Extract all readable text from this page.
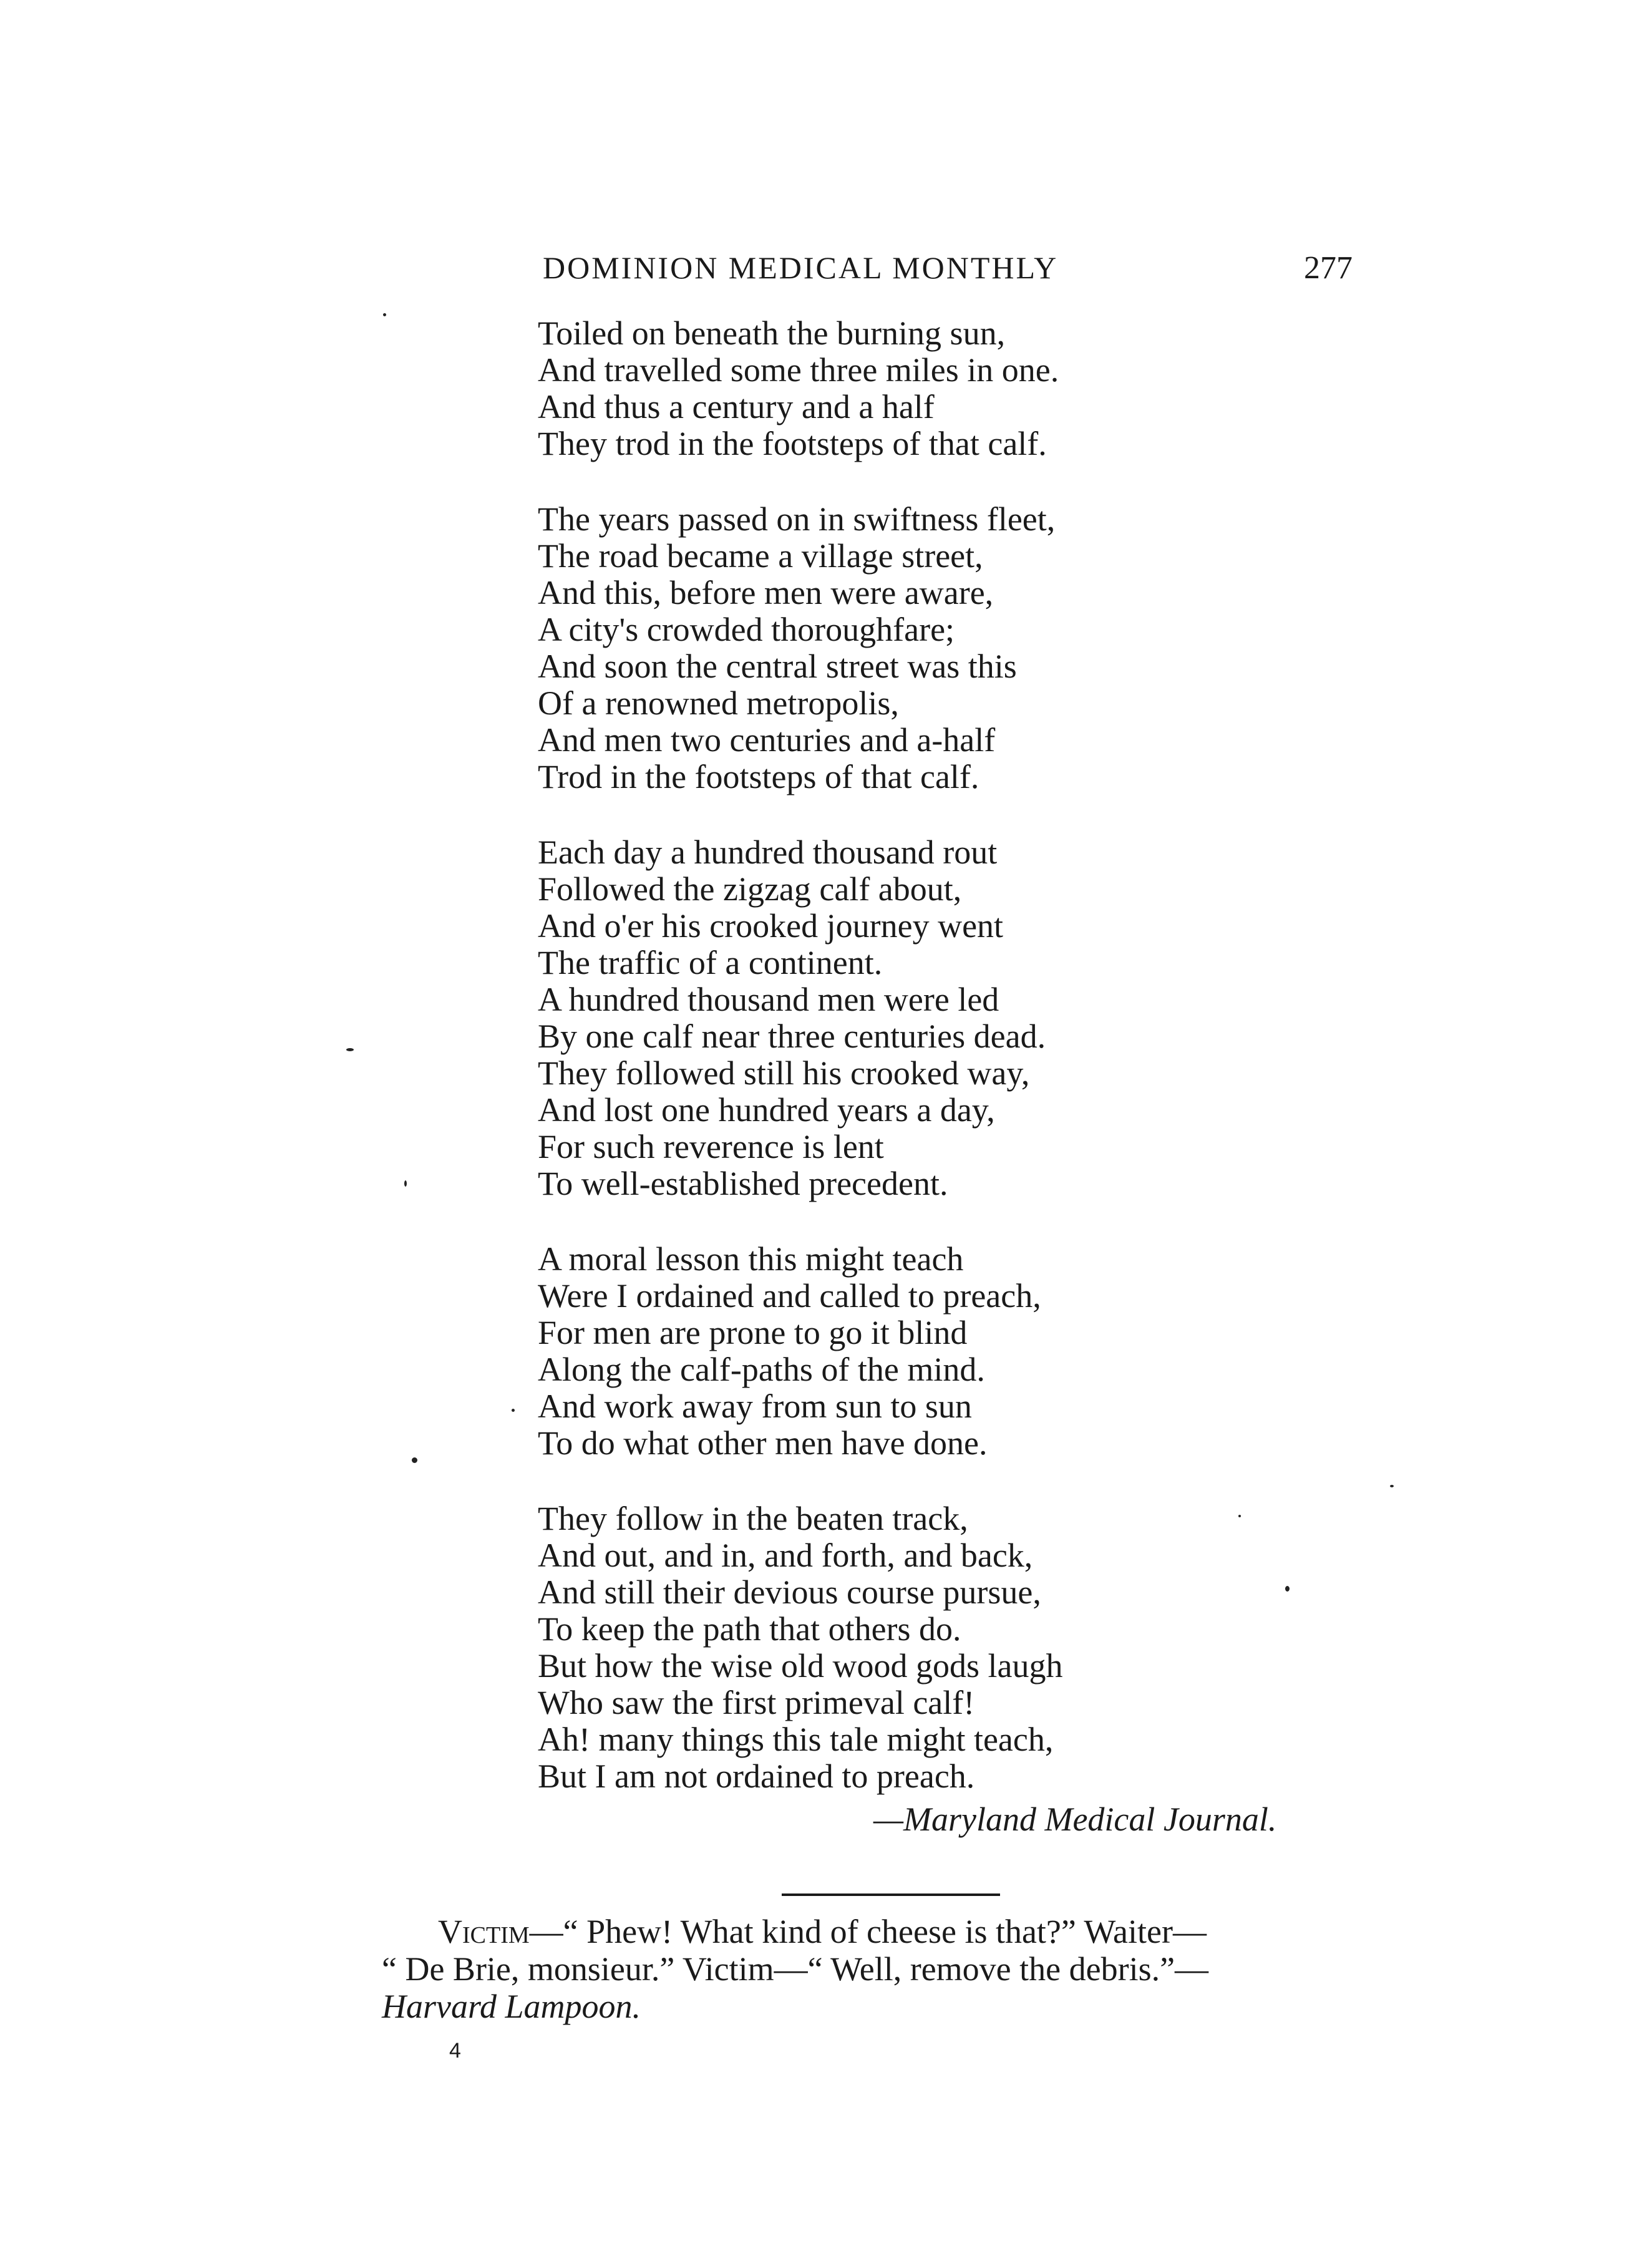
DOMINION MEDICAL MONTHLY	277
Toiled on beneath the burning sun,
And travelled some three miles in one.
And thus a century and a half
They trod in the footsteps of that calf.
The years passed on in swiftness fleet,
The road became a village street,
And this, before men were aware,
A city's crowded thoroughfare;
And soon the central street was this
Of a renowned metropolis,
And men two centuries and a-half
Trod in the footsteps of that calf.
Each day a hundred thousand rout
Followed the zigzag calf about,
And o'er his crooked journey went
The traffic of a continent.
A hundred thousand men were led
By one calf near three centuries dead.
They followed still his crooked way,
And lost one hundred years a day,
For such reverence is lent
To well-established precedent.
A moral lesson this might teach
Were I ordained and called to preach,
For men are prone to go it blind
Along the calf-paths of the mind.
And work away from sun to sun
To do what other men have done.
They follow in the beaten track,
And out, and in, and forth, and back,
And still their devious course pursue,
To keep the path that others do.
But how the wise old wood gods laugh
Who saw the first primeval calf!
Ah! many things this tale might teach,
But I am not ordained to preach.
—Maryland Medical Journal.
Victim—“ Phew! What kind of cheese is that?” Waiter—
“ De Brie, monsieur.” Victim—“ Well, remove the debris.”—
Harvard Lampoon.
4
